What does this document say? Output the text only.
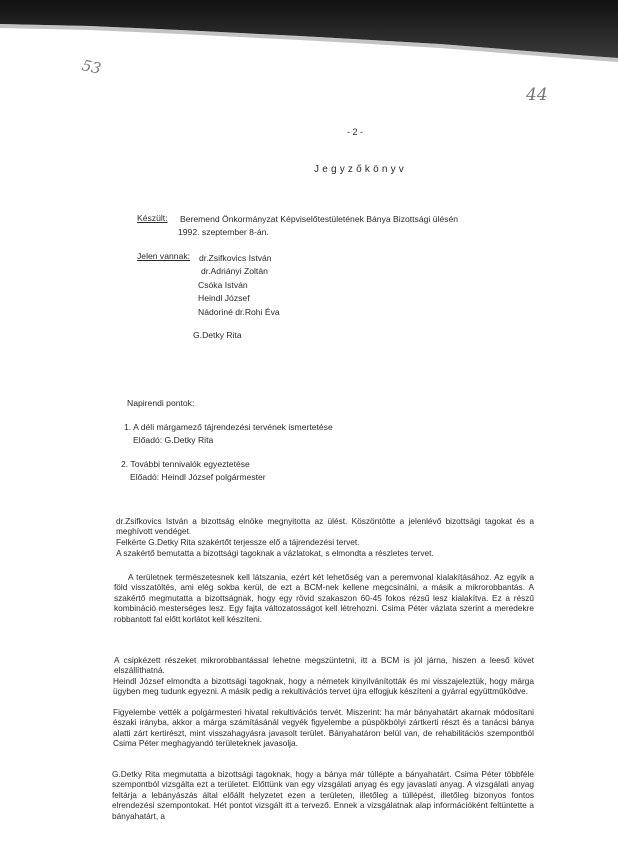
53
44
- 2 -
Jegyzőkönyv
Készült: Beremend Önkormányzat Képviselőtestületének Bánya Bizottsági ülésén
1992. szeptember 8-án.
Jelen vannak: dr.Zsifkovics István
dr.Adriányi Zoltán
Csóka István
Heindl József
Nádoriné dr.Rohi Éva
G.Detky Rita
Napirendi pontok:
1. A déli márgamező tájrendezési tervének ismertetése
Előadó: G.Detky Rita
2. További tennivalók egyeztetése
Előadó: Heindl József polgármester
dr.Zsifkovics István a bizottság elnöke megnyitotta az ülést. Köszöntötte a jelenlévő bizottsági tagokat és a meghívott vendéget.
Felkérte G.Detky Rita szakértőt terjessze elő a tájrendezési tervet.
A szakértő bemutatta a bizottsági tagoknak a vázlatokat, s elmondta a részletes tervet.
A területnek természetesnek kell látszania, ezért két lehetőség van a peremvonal kialakításához. Az egyik a föld visszatöltés, ami elég sokba kerül, de ezt a BCM-nek kellene megcsinálni, a másik a mikrorobbantás. A szakértő megmutatta a bizottságnak, hogy egy rövid szakaszon 60-45 fokos rézsű lesz kialakítva. Ez a részű kombináció mesterséges lesz. Egy fajta változatosságot kell létrehozni. Csima Péter vázlata szerint a meredekre robbantott fal előtt korlátot kell készíteni.
A csipkézett részeket mikrorobbantással lehetne megszüntetni, itt a BCM is jól járna, hiszen a leeső követ elszállíthatná.
Heindl József elmondta a bizottsági tagoknak, hogy a németek kinyilvánították és mi visszajeleztük, hogy márga ügyben meg tudunk egyezni. A másik pedig a rekultivációs tervet újra elfogjuk készíteni a gyárral együttműködve.
Figyelembe vették a polgármesteri hivatal rekultivációs tervét. Miszerint: ha már bányahatárt akarnak módosítani északi irányba, akkor a márga számításánál vegyék figyelembe a püspökbólyi zártkerti részt és a tanácsi bánya alatti zárt kertirészt, mint visszahagyásra javasolt terület. Bányahatáron belül van, de rehabilitációs szempontból Csima Péter meghagyandó területeknek javasolja.
G.Detky Rita megmutatta a bizottsági tagoknak, hogy a bánya már túllépte a bányahatárt. Csima Péter többféle szempontból vizsgálta ezt a területet. Előttünk van egy vizsgálati anyag és egy javaslati anyag. A vizsgálati anyag feltárja a lebányászás által előállt helyzetet ezen a területen, illetőleg a túllépést, illetőleg bizonyos fontos elrendezési szempontokat. Hét pontot vizsgált itt a tervező. Ennek a vizsgálatnak alap információként feltüntette a bányahatárt, a
